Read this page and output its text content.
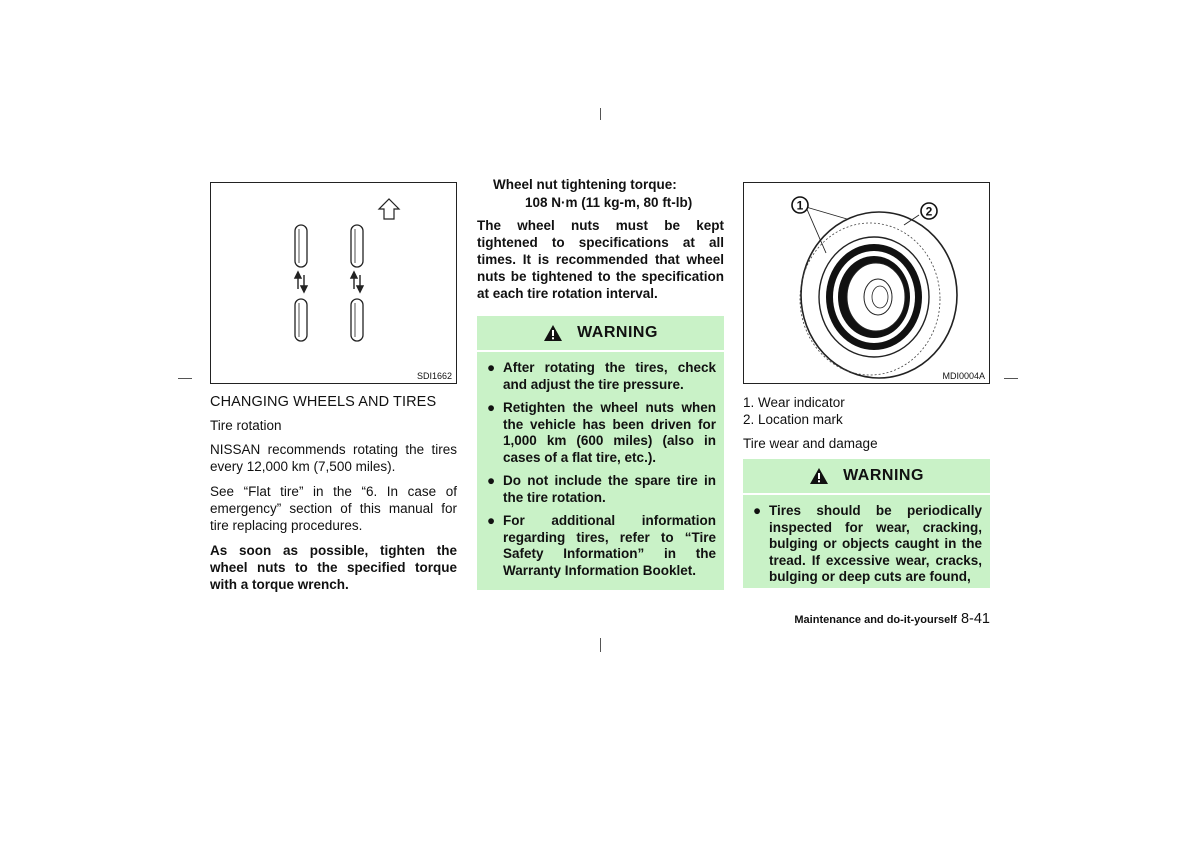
SDI1662
CHANGING WHEELS AND TIRES
Tire rotation
NISSAN recommends rotating the tires every 12,000 km (7,500 miles).
See “Flat tire” in the “6. In case of emergency” section of this manual for tire replacing procedures.
As soon as possible, tighten the wheel nuts to the specified torque with a torque wrench.
Wheel nut tightening torque:
108 N·m (11 kg-m, 80 ft-lb)
The wheel nuts must be kept tightened to specifications at all times. It is recommended that wheel nuts be tightened to the specification at each tire rotation interval.
WARNING
● After rotating the tires, check and adjust the tire pressure.
● Retighten the wheel nuts when the vehicle has been driven for 1,000 km (600 miles) (also in cases of a flat tire, etc.).
● Do not include the spare tire in the tire rotation.
● For additional information regarding tires, refer to “Tire Safety Information” in the Warranty Information Booklet.
1	2
MDI0004A
1. Wear indicator
2. Location mark
Tire wear and damage
WARNING
● Tires should be periodically inspected for wear, cracking, bulging or objects caught in the tread. If excessive wear, cracks, bulging or deep cuts are found,
Maintenance and do-it-yourself 8-41
